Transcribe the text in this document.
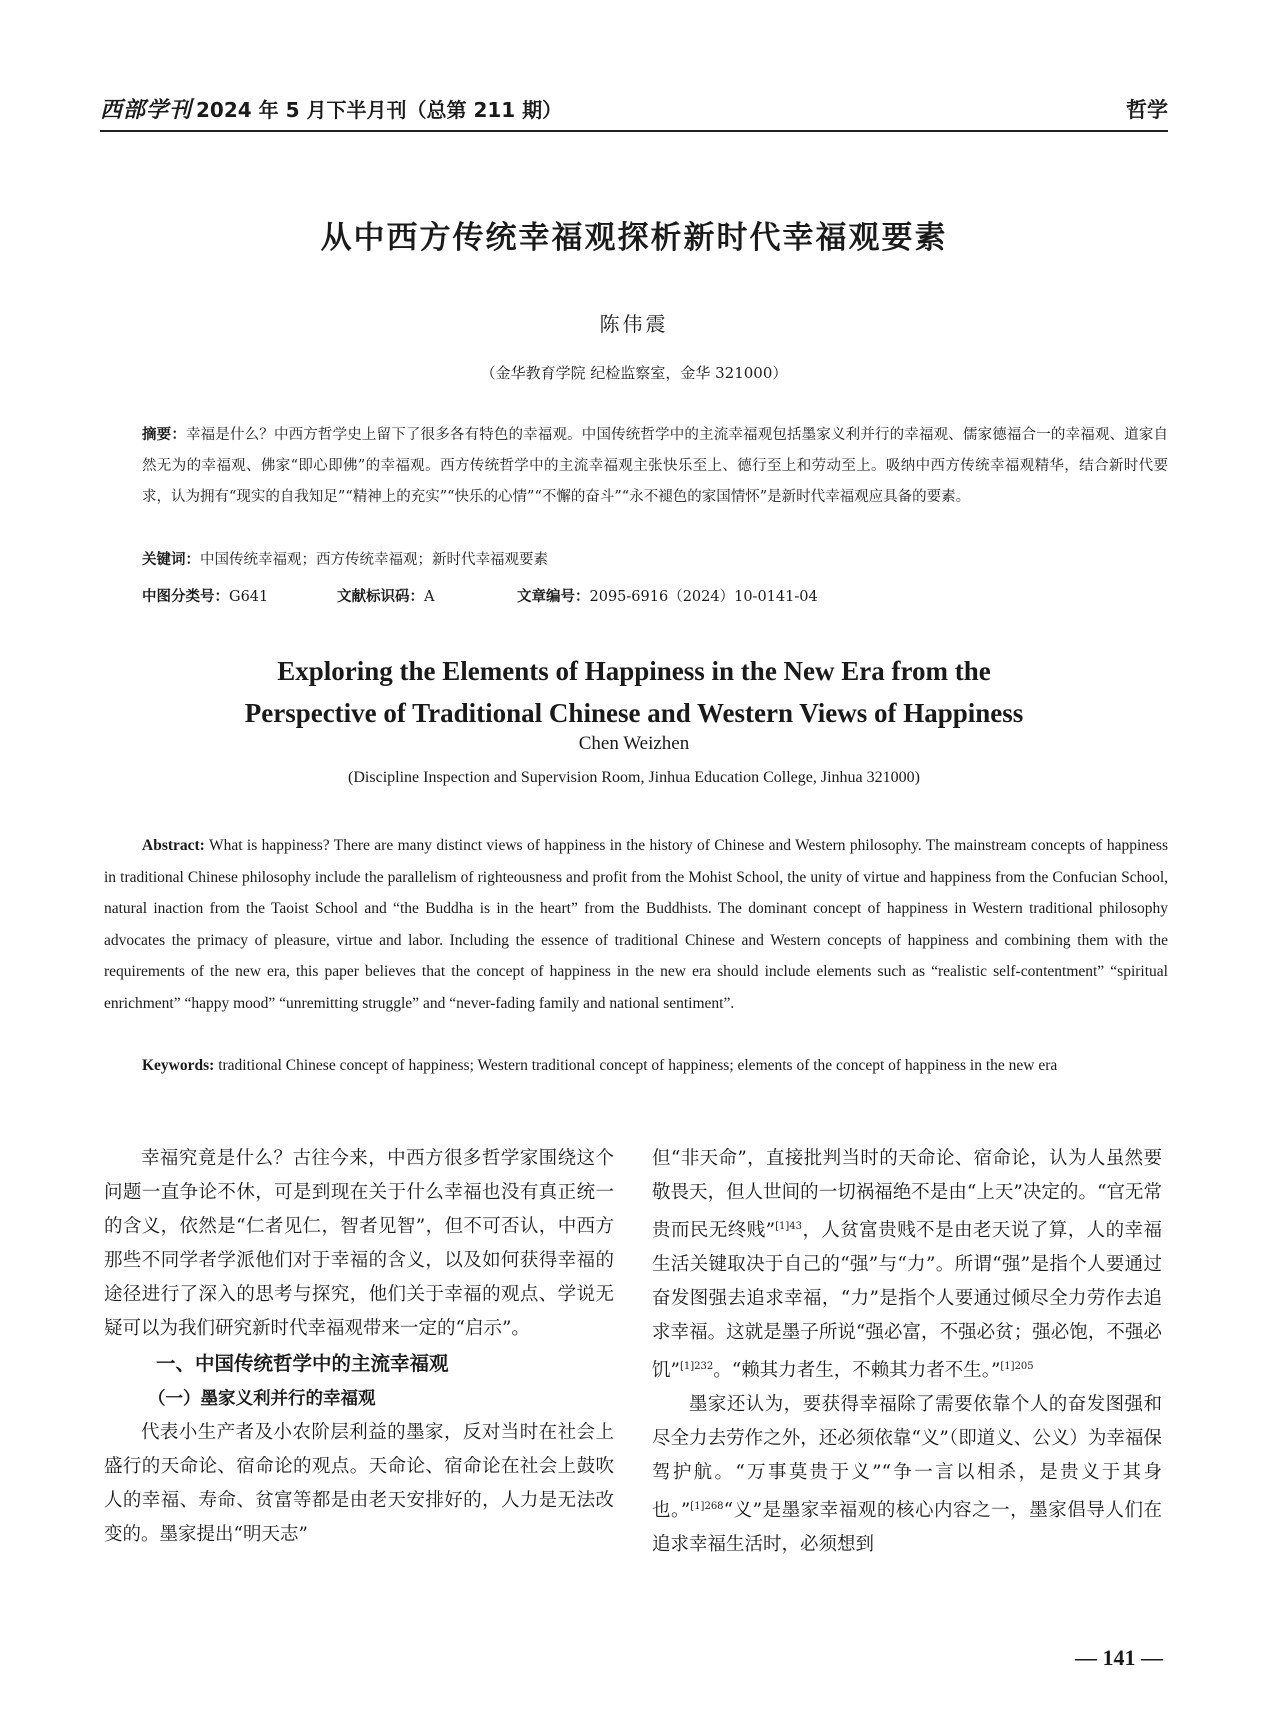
西部学刊 2024 年 5 月下半月刊（总第 211 期）	哲学
从中西方传统幸福观探析新时代幸福观要素
陈伟震
（金华教育学院 纪检监察室，金华 321000）
摘要：幸福是什么？中西方哲学史上留下了很多各有特色的幸福观。中国传统哲学中的主流幸福观包括墨家义利并行的幸福观、儒家德福合一的幸福观、道家自然无为的幸福观、佛家“即心即佛”的幸福观。西方传统哲学中的主流幸福观主张快乐至上、德行至上和劳动至上。吸纳中西方传统幸福观精华，结合新时代要求，认为拥有“现实的自我知足”“精神上的充实”“快乐的心情”“不懈的奋斗”“永不褪色的家国情怀”是新时代幸福观应具备的要素。
关键词：中国传统幸福观；西方传统幸福观；新时代幸福观要素
中图分类号：G641	文献标识码：A	文章编号：2095-6916（2024）10-0141-04
Exploring the Elements of Happiness in the New Era from the
Perspective of Traditional Chinese and Western Views of Happiness
Chen Weizhen
(Discipline Inspection and Supervision Room, Jinhua Education College, Jinhua 321000)
Abstract: What is happiness? There are many distinct views of happiness in the history of Chinese and Western philosophy. The mainstream concepts of happiness in traditional Chinese philosophy include the parallelism of righteousness and profit from the Mohist School, the unity of virtue and happiness from the Confucian School, natural inaction from the Taoist School and “the Buddha is in the heart” from the Buddhists. The dominant concept of happiness in Western traditional philosophy advocates the primacy of pleasure, virtue and labor. Including the essence of traditional Chinese and Western concepts of happiness and combining them with the requirements of the new era, this paper believes that the concept of happiness in the new era should include elements such as “realistic self-contentment” “spiritual enrichment” “happy mood” “unremitting struggle” and “never-fading family and national sentiment”.
Keywords: traditional Chinese concept of happiness; Western traditional concept of happiness; elements of the concept of happiness in the new era

幸福究竟是什么？古往今来，中西方很多哲学家围绕这个问题一直争论不休，可是到现在关于什么幸福也没有真正统一的含义，依然是“仁者见仁，智者见智”，但不可否认，中西方那些不同学者学派他们对于幸福的含义，以及如何获得幸福的途径进行了深入的思考与探究，他们关于幸福的观点、学说无疑可以为我们研究新时代幸福观带来一定的“启示”。

一、中国传统哲学中的主流幸福观
（一）墨家义利并行的幸福观

代表小生产者及小农阶层利益的墨家，反对当时在社会上盛行的天命论、宿命论的观点。天命论、宿命论在社会上鼓吹人的幸福、寿命、贫富等都是由老天安排好的，人力是无法改变的。墨家提出“明天志”

但“非天命”，直接批判当时的天命论、宿命论，认为人虽然要敬畏天，但人世间的一切祸福绝不是由“上天”决定的。“官无常贵而民无终贱”$^{[1]43}$，人贫富贵贱不是由老天说了算，人的幸福生活关键取决于自己的“强”与“力”。所谓“强”是指个人要通过奋发图强去追求幸福，“力”是指个人要通过倾尽全力劳作去追求幸福。这就是墨子所说“强必富，不强必贫；强必饱，不强必饥”$^{[1]232}$。“赖其力者生，不赖其力者不生。”$^{[1]205}$

墨家还认为，要获得幸福除了需要依靠个人的奋发图强和尽全力去劳作之外，还必须依靠“义”（即道义、公义）为幸福保驾护航。“万事莫贵于义”“争一言以相杀，是贵义于其身也。”$^{[1]268}$“义”是墨家幸福观的核心内容之一，墨家倡导人们在追求幸福生活时，必须想到

— 141 —
